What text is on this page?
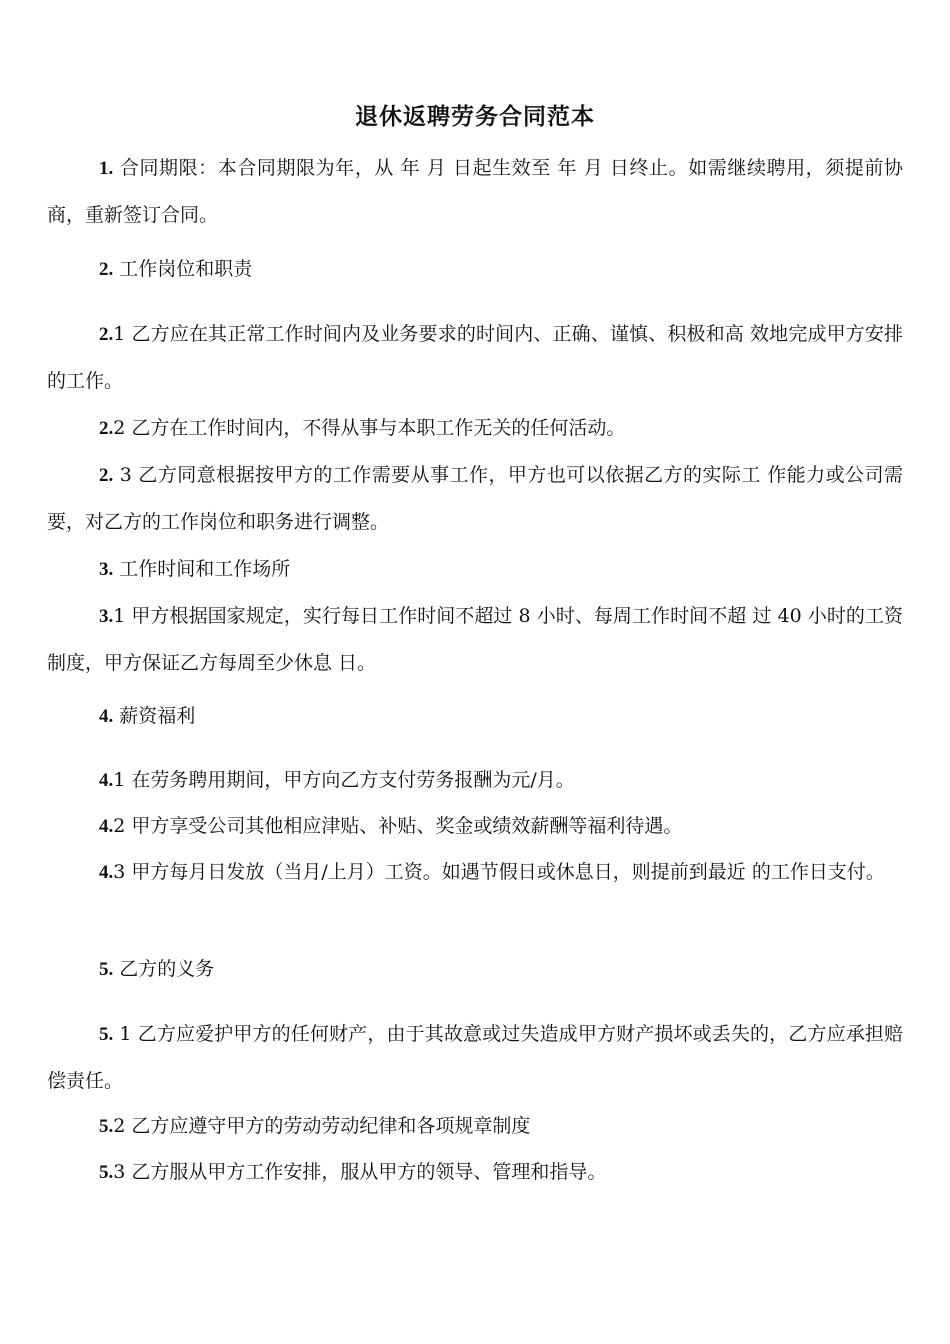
退休返聘劳务合同范本
1. 合同期限：本合同期限为年，从 年 月 日起生效至 年 月 日终止。如需继续聘用，须提前协商，重新签订合同。
2. 工作岗位和职责
2.1 乙方应在其正常工作时间内及业务要求的时间内、正确、谨慎、积极和高 效地完成甲方安排的工作。
2.2 乙方在工作时间内，不得从事与本职工作无关的任何活动。
2. 3 乙方同意根据按甲方的工作需要从事工作，甲方也可以依据乙方的实际工 作能力或公司需要，对乙方的工作岗位和职务进行调整。
3. 工作时间和工作场所
3.1 甲方根据国家规定，实行每日工作时间不超过 8 小时、每周工作时间不超 过 40 小时的工资制度，甲方保证乙方每周至少休息 日。
4. 薪资福利
4.1 在劳务聘用期间，甲方向乙方支付劳务报酬为元/月。
4.2 甲方享受公司其他相应津贴、补贴、奖金或绩效薪酬等福利待遇。
4.3 甲方每月日发放（当月/上月）工资。如遇节假日或休息日，则提前到最近 的工作日支付。
5. 乙方的义务
5. 1 乙方应爱护甲方的任何财产，由于其故意或过失造成甲方财产损坏或丢失的，乙方应承担赔偿责任。
5.2 乙方应遵守甲方的劳动劳动纪律和各项规章制度
5.3 乙方服从甲方工作安排，服从甲方的领导、管理和指导。
